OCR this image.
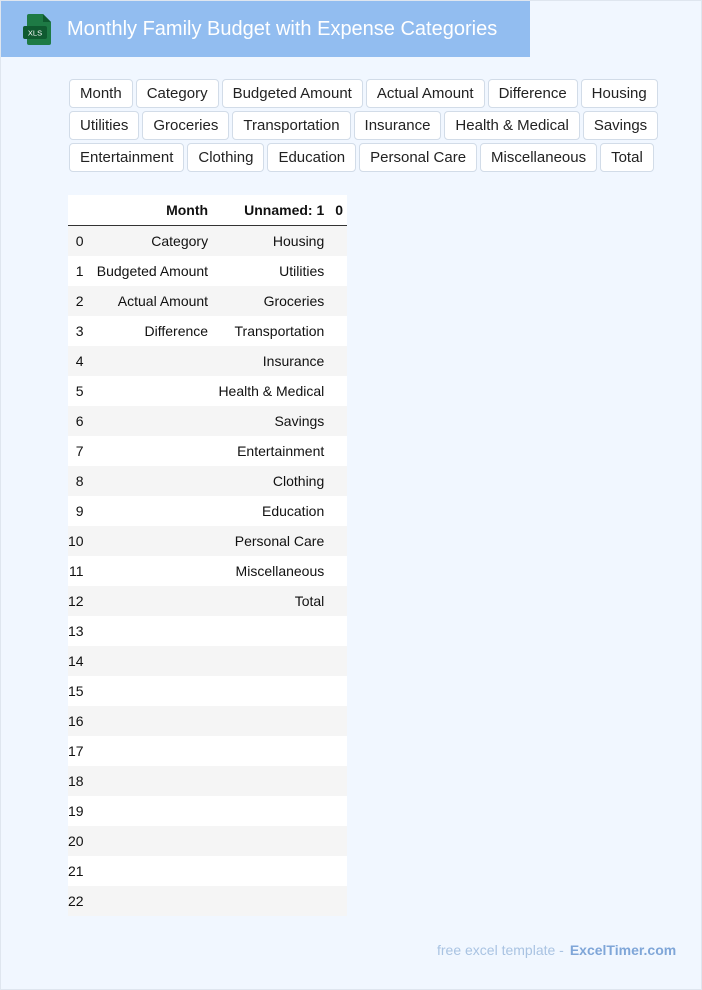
XLS Monthly Family Budget with Expense Categories
Month	Category	Budgeted Amount	Actual Amount	Difference	Housing
Utilities	Groceries	Transportation	Insurance	Health & Medical	Savings
Entertainment	Clothing	Education	Personal Care	Miscellaneous	Total
	Month	Unnamed: 1	0
0	Category	Housing	
1	Budgeted Amount	Utilities	
2	Actual Amount	Groceries	
3	Difference	Transportation	
4		Insurance	
5		Health & Medical	
6		Savings	
7		Entertainment	
8		Clothing	
9		Education	
10		Personal Care	
11		Miscellaneous	
12		Total	
13			
14			
15			
16			
17			
18			
19			
20			
21			
22			
free excel template - ExcelTimer.com
